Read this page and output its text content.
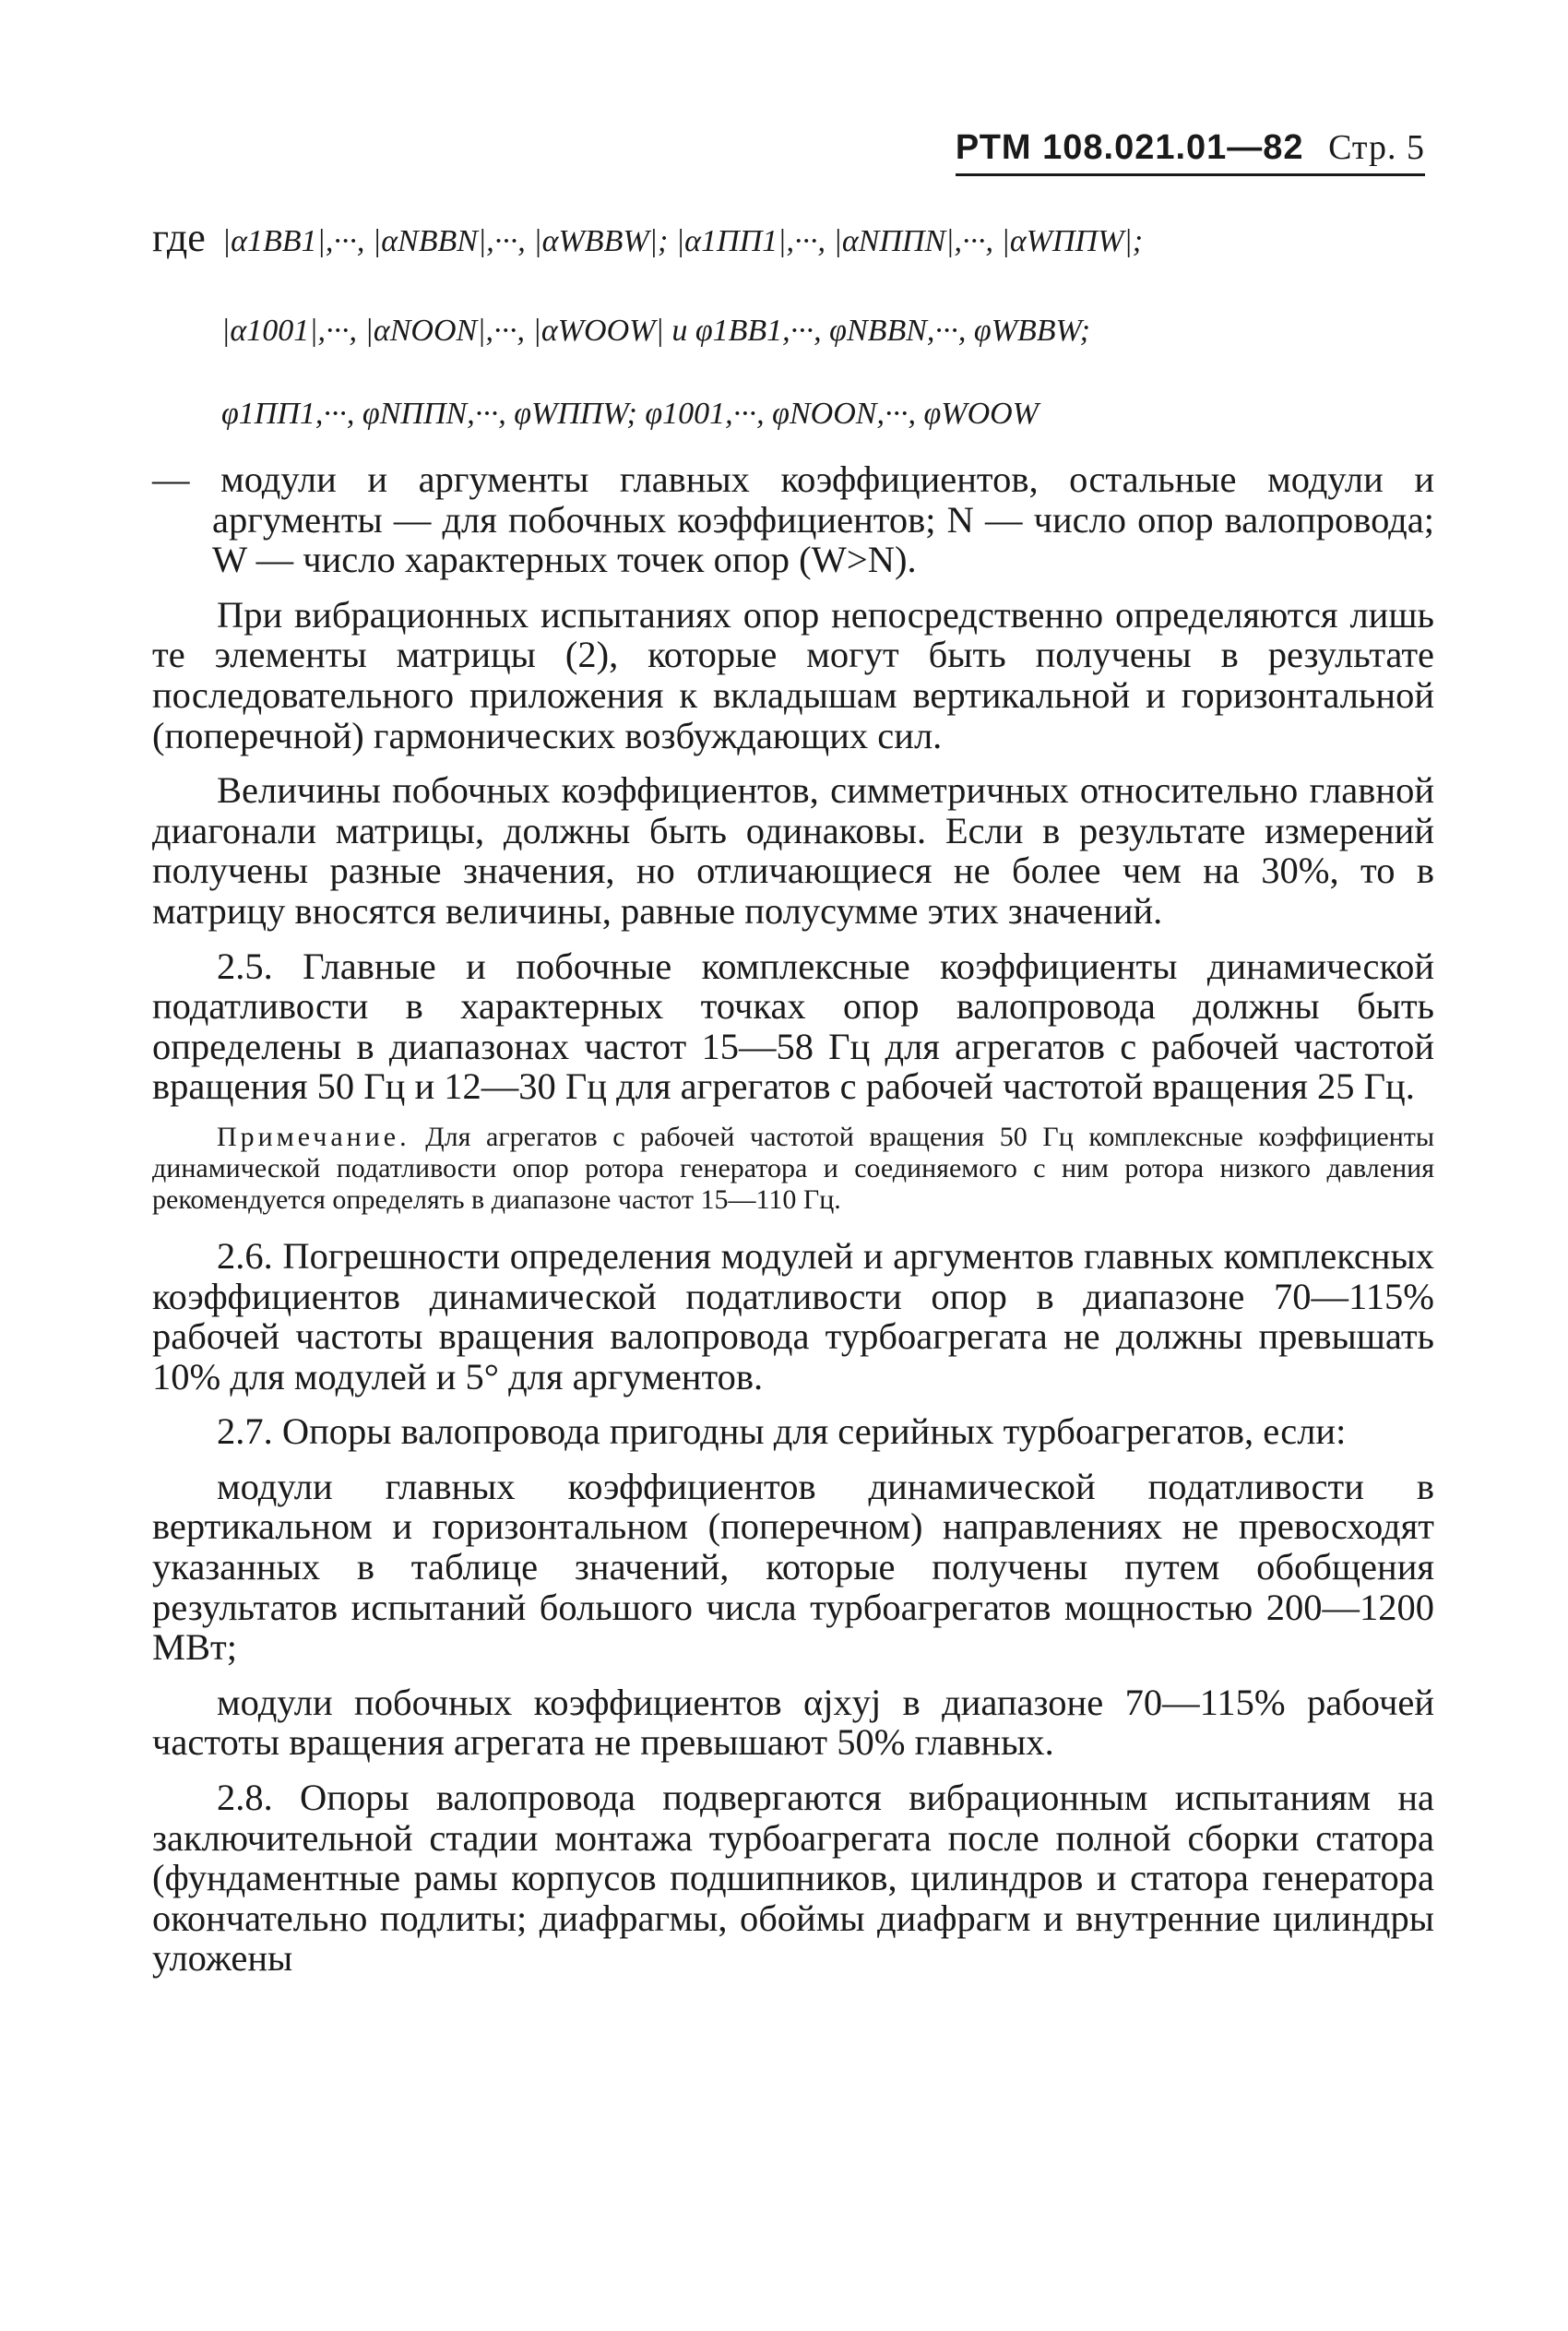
РТМ 108.021.01—82 Стр. 5
где |α1ВВ1|,···, |αNВВN|,···, |αWВВW|; |α1ПП1|,···, |αNППN|,···, |αWППW|;
|α1001|,···, |αNOON|,···, |αWOOW| и φ1ВВ1,···, φNВВN,···, φWВВW;
φ1ПП1,···, φNППN,···, φWППW; φ1001,···, φNOON,···, φWOOW

— модули и аргументы главных коэффициентов, остальные модули и аргументы — для побочных коэффициентов; N — число опор валопровода; W — число характерных точек опор (W>N).

При вибрационных испытаниях опор непосредственно определяются лишь те элементы матрицы (2), которые могут быть получены в результате последовательного приложения к вкладышам вертикальной и горизонтальной (поперечной) гармонических возбуждающих сил.

Величины побочных коэффициентов, симметричных относительно главной диагонали матрицы, должны быть одинаковы. Если в результате измерений получены разные значения, но отличающиеся не более чем на 30%, то в матрицу вносятся величины, равные полусумме этих значений.

2.5. Главные и побочные комплексные коэффициенты динамической податливости в характерных точках опор валопровода должны быть определены в диапазонах частот 15—58 Гц для агрегатов с рабочей частотой вращения 50 Гц и 12—30 Гц для агрегатов с рабочей частотой вращения 25 Гц.

Примечание. Для агрегатов с рабочей частотой вращения 50 Гц комплексные коэффициенты динамической податливости опор ротора генератора и соединяемого с ним ротора низкого давления рекомендуется определять в диапазоне частот 15—110 Гц.

2.6. Погрешности определения модулей и аргументов главных комплексных коэффициентов динамической податливости опор в диапазоне 70—115% рабочей частоты вращения валопровода турбоагрегата не должны превышать 10% для модулей и 5° для аргументов.

2.7. Опоры валопровода пригодны для серийных турбоагрегатов, если:

модули главных коэффициентов динамической податливости в вертикальном и горизонтальном (поперечном) направлениях не превосходят указанных в таблице значений, которые получены путем обобщения результатов испытаний большого числа турбоагрегатов мощностью 200—1200 МВт;

модули побочных коэффициентов αjxyj в диапазоне 70—115% рабочей частоты вращения агрегата не превышают 50% главных.

2.8. Опоры валопровода подвергаются вибрационным испытаниям на заключительной стадии монтажа турбоагрегата после полной сборки статора (фундаментные рамы корпусов подшипников, цилиндров и статора генератора окончательно подлиты; диафрагмы, обоймы диафрагм и внутренние цилиндры уложены
